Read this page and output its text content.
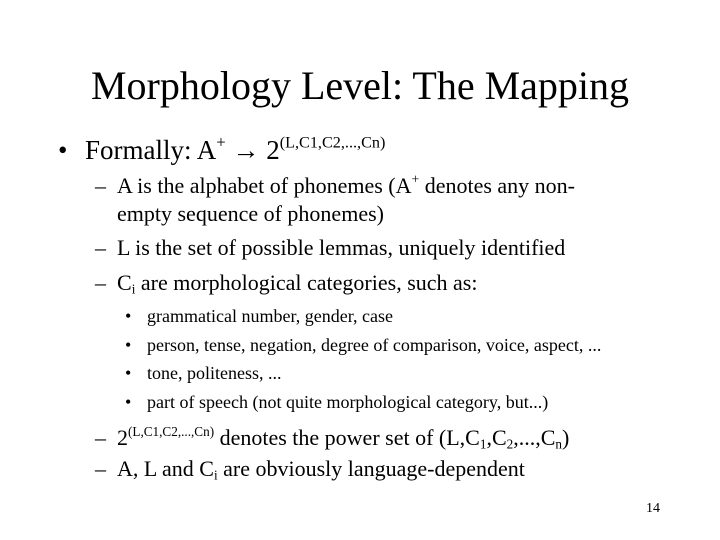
Morphology Level: The Mapping
• Formally: $A^+ \to 2^{(L,C1,C2,...,Cn)}$
– A is the alphabet of phonemes (A+ denotes any non-
empty sequence of phonemes)
– L is the set of possible lemmas, uniquely identified
– $C_i$ are morphological categories, such as:
• grammatical number, gender, case
• person, tense, negation, degree of comparison, voice, aspect, ...
• tone, politeness, ...
• part of speech (not quite morphological category, but...)
– $2^{(L,C1,C2,...,Cn)}$ denotes the power set of $(L,C_1,C_2,...,C_n)$
– A, L and $C_i$ are obviously language-dependent
14
